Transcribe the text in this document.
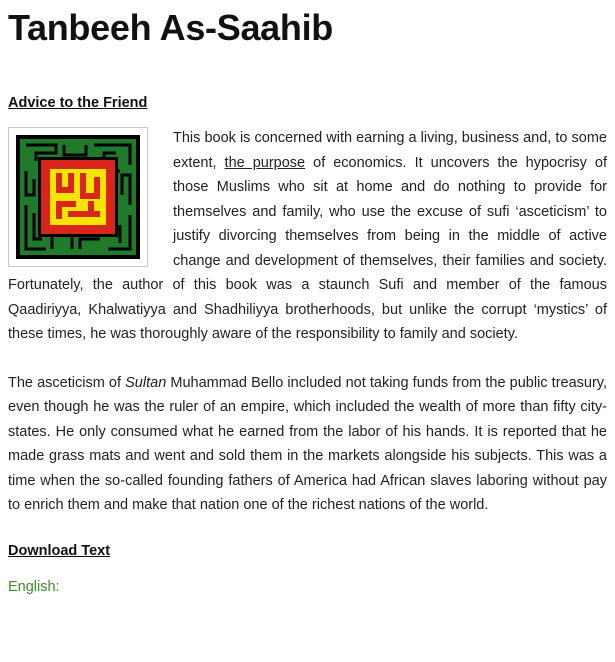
Tanbeeh As-Saahib
Advice to the Friend

This book is concerned with earning a living, business and, to some extent, the purpose of economics. It uncovers the hypocrisy of those Muslims who sit at home and do nothing to provide for themselves and family, who use the excuse of sufi ‘asceticism’ to justify divorcing themselves from being in the middle of active change and development of themselves, their families and society. Fortunately, the author of this book was a staunch Sufi and member of the famous Qaadiriyya, Khalwatiyya and Shadhiliyya brotherhoods, but unlike the corrupt ‘mystics’ of these times, he was thoroughly aware of the responsibility to family and society.

The asceticism of Sultan Muhammad Bello included not taking funds from the public treasury, even though he was the ruler of an empire, which included the wealth of more than fifty city-states. He only consumed what he earned from the labor of his hands. It is reported that he made grass mats and went and sold them in the markets alongside his subjects. This was a time when the so-called founding fathers of America had African slaves laboring without pay to enrich them and make that nation one of the richest nations of the world.

Download Text
English:
